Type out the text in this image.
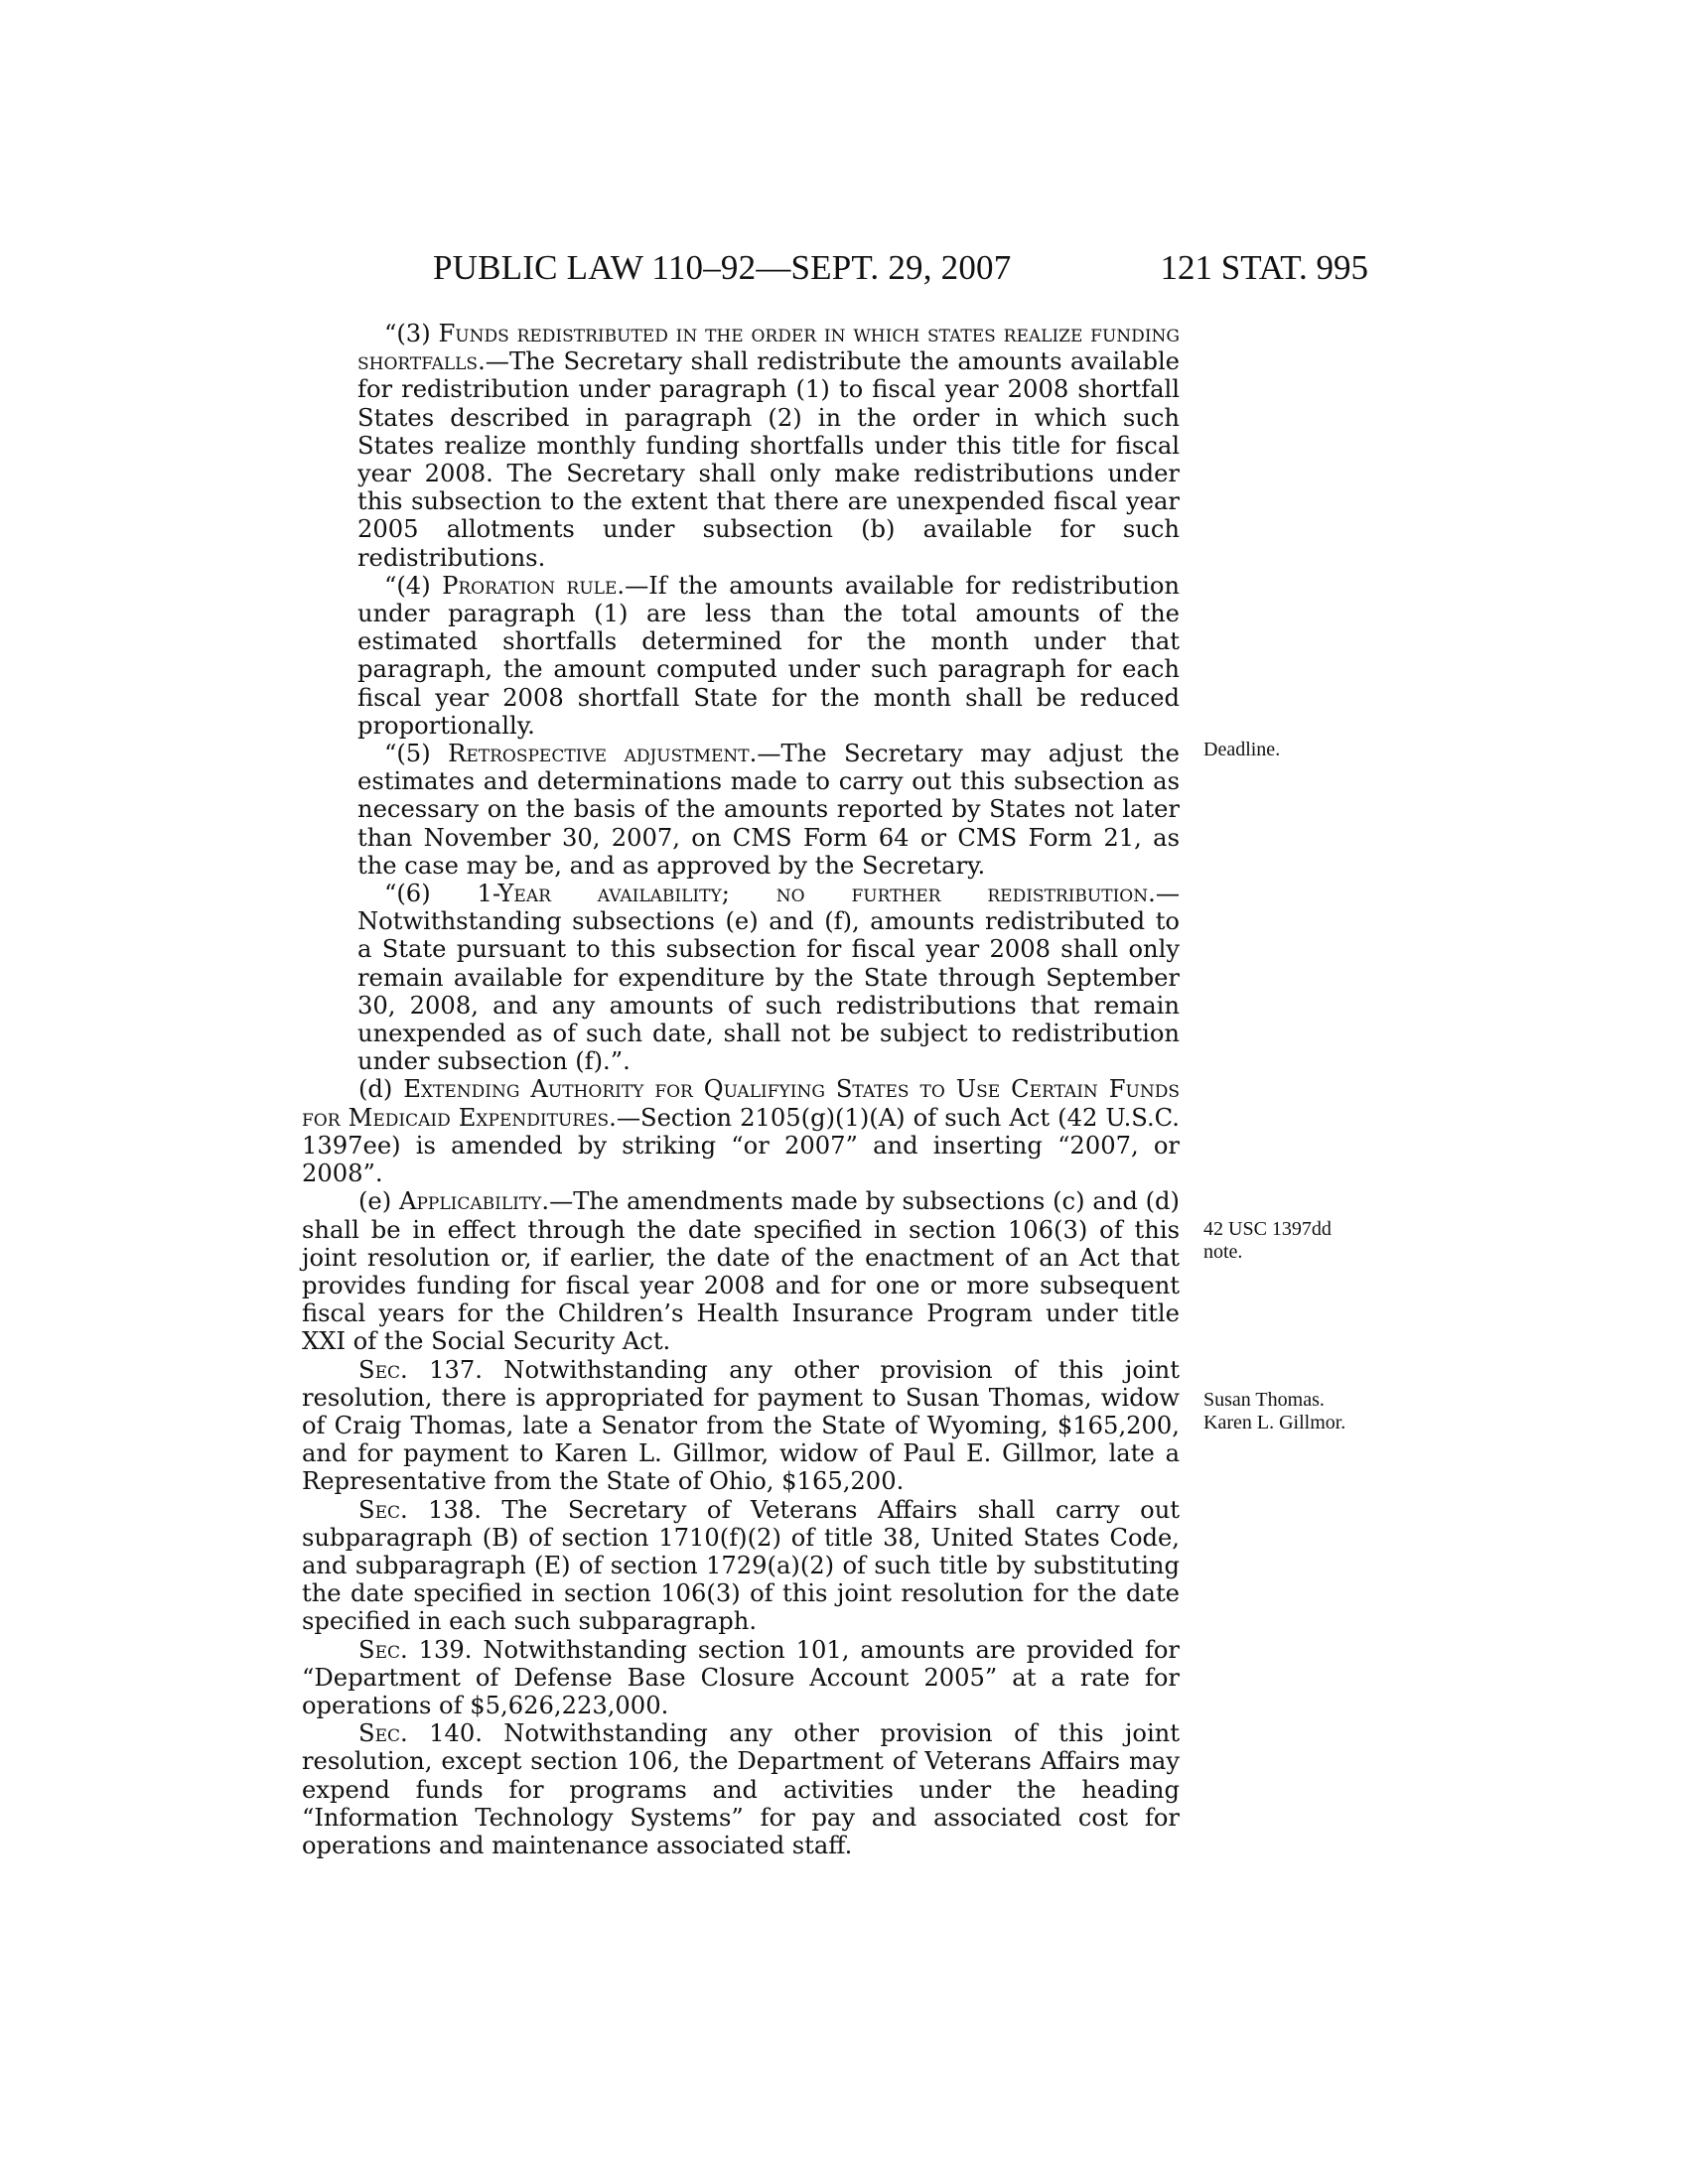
PUBLIC LAW 110–92—SEPT. 29, 2007	121 STAT. 995

“(3) Funds redistributed in the order in which states realize funding shortfalls.—The Secretary shall redistribute the amounts available for redistribution under paragraph (1) to fiscal year 2008 shortfall States described in paragraph (2) in the order in which such States realize monthly funding shortfalls under this title for fiscal year 2008. The Secretary shall only make redistributions under this subsection to the extent that there are unexpended fiscal year 2005 allotments under subsection (b) available for such redistributions.

“(4) Proration rule.—If the amounts available for redistribution under paragraph (1) are less than the total amounts of the estimated shortfalls determined for the month under that paragraph, the amount computed under such paragraph for each fiscal year 2008 shortfall State for the month shall be reduced proportionally.

“(5) Retrospective adjustment.—The Secretary may adjust the estimates and determinations made to carry out this subsection as necessary on the basis of the amounts reported by States not later than November 30, 2007, on CMS Form 64 or CMS Form 21, as the case may be, and as approved by the Secretary.

“(6) 1-Year availability; no further redistribution.— Notwithstanding subsections (e) and (f), amounts redistributed to a State pursuant to this subsection for fiscal year 2008 shall only remain available for expenditure by the State through September 30, 2008, and any amounts of such redistributions that remain unexpended as of such date, shall not be subject to redistribution under subsection (f).”.

(d) Extending Authority for Qualifying States to Use Certain Funds for Medicaid Expenditures.—Section 2105(g)(1)(A) of such Act (42 U.S.C. 1397ee) is amended by striking “or 2007” and inserting “2007, or 2008”.

(e) Applicability.—The amendments made by subsections (c) and (d) shall be in effect through the date specified in section 106(3) of this joint resolution or, if earlier, the date of the enactment of an Act that provides funding for fiscal year 2008 and for one or more subsequent fiscal years for the Children’s Health Insurance Program under title XXI of the Social Security Act.

Sec. 137. Notwithstanding any other provision of this joint resolution, there is appropriated for payment to Susan Thomas, widow of Craig Thomas, late a Senator from the State of Wyoming, $165,200, and for payment to Karen L. Gillmor, widow of Paul E. Gillmor, late a Representative from the State of Ohio, $165,200.

Sec. 138. The Secretary of Veterans Affairs shall carry out subparagraph (B) of section 1710(f)(2) of title 38, United States Code, and subparagraph (E) of section 1729(a)(2) of such title by substituting the date specified in section 106(3) of this joint resolution for the date specified in each such subparagraph.

Sec. 139. Notwithstanding section 101, amounts are provided for “Department of Defense Base Closure Account 2005” at a rate for operations of $5,626,223,000.

Sec. 140. Notwithstanding any other provision of this joint resolution, except section 106, the Department of Veterans Affairs may expend funds for programs and activities under the heading “Information Technology Systems” for pay and associated cost for operations and maintenance associated staff.

Deadline.
42 USC 1397dd
note.
Susan Thomas.
Karen L. Gillmor.
